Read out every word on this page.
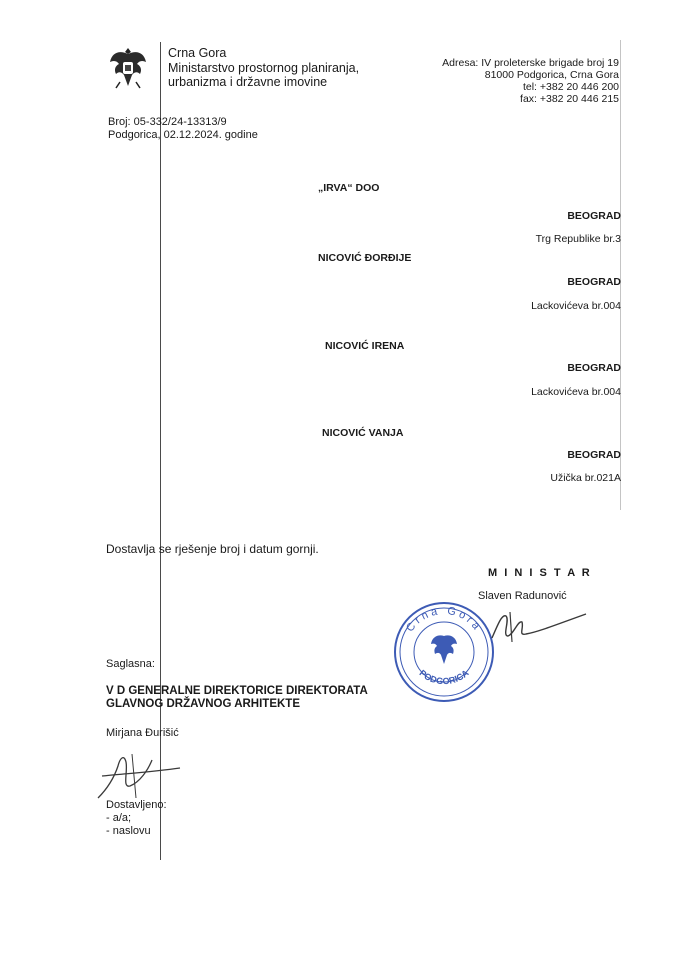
Crna Gora
Ministarstvo prostornog planiranja,
urbanizma i državne imovine
Adresa: IV proleterske brigade broj 19
81000 Podgorica, Crna Gora
tel: +382 20 446 200
fax: +382 20 446 215
Broj: 05-332/24-13313/9
Podgorica, 02.12.2024. godine
„IRVA“ DOO
BEOGRAD
Trg Republike br.3
NICOVIĆ ĐORĐIJE
BEOGRAD
Lackovićeva br.004
NICOVIĆ IRENA
BEOGRAD
Lackovićeva br.004
NICOVIĆ VANJA
BEOGRAD
Užička br.021A
Dostavlja se rješenje broj i datum gornji.
M I N I S T A R
Slaven Radunović
Crna Gora
PODGORICA
Saglasna:
V D GENERALNE DIREKTORICE DIREKTORATA
GLAVNOG DRŽAVNOG ARHITEKTE
Mirjana Đurišić
Dostavljeno:
- a/a;
- naslovu
